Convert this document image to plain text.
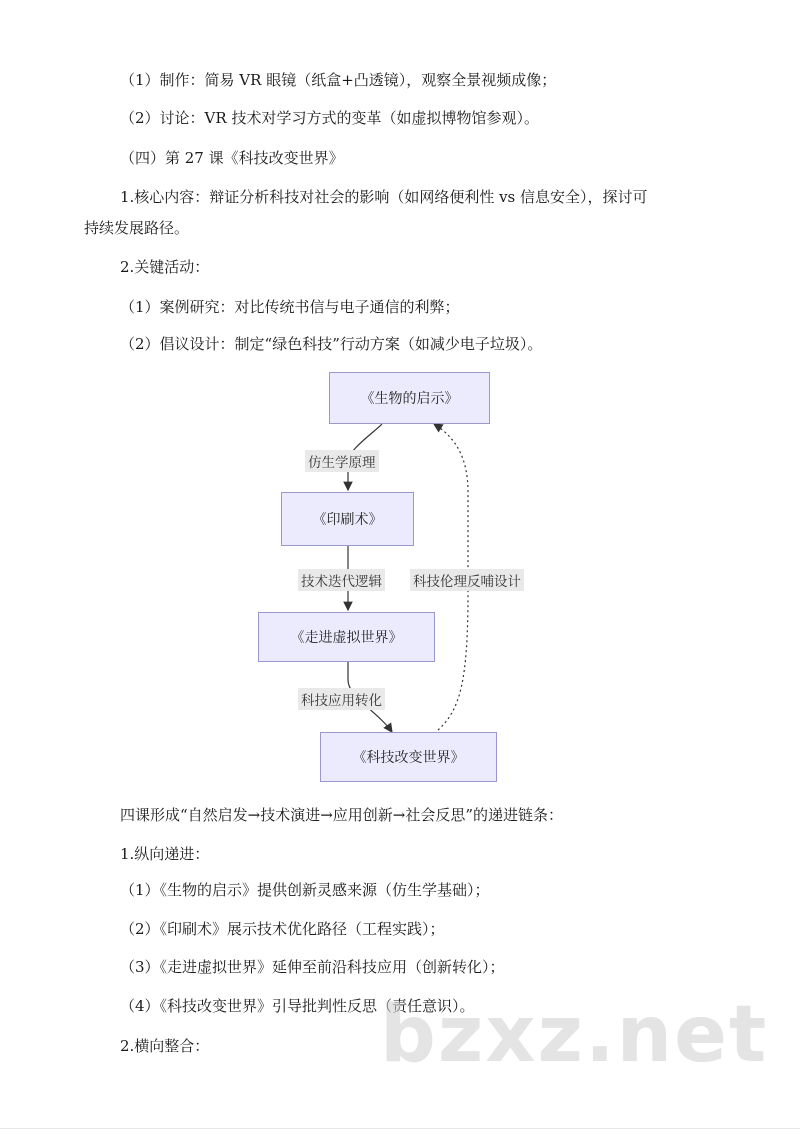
（1）制作：简易 VR 眼镜（纸盒+凸透镜），观察全景视频成像；
（2）讨论：VR 技术对学习方式的变革（如虚拟博物馆参观）。
（四）第 27 课《科技改变世界》
1.核心内容：辩证分析科技对社会的影响（如网络便利性 vs 信息安全），探讨可
持续发展路径。
2.关键活动：
（1）案例研究：对比传统书信与电子通信的利弊；
（2）倡议设计：制定“绿色科技”行动方案（如减少电子垃圾）。
《生物的启示》
《印刷术》
《走进虚拟世界》
《科技改变世界》
仿生学原理
技术迭代逻辑
科技应用转化
科技伦理反哺设计
四课形成“自然启发→技术演进→应用创新→社会反思”的递进链条：
1.纵向递进：
（1）《生物的启示》提供创新灵感来源（仿生学基础）；
（2）《印刷术》展示技术优化路径（工程实践）；
（3）《走进虚拟世界》延伸至前沿科技应用（创新转化）；
（4）《科技改变世界》引导批判性反思（责任意识）。
2.横向整合： bzxz.net
